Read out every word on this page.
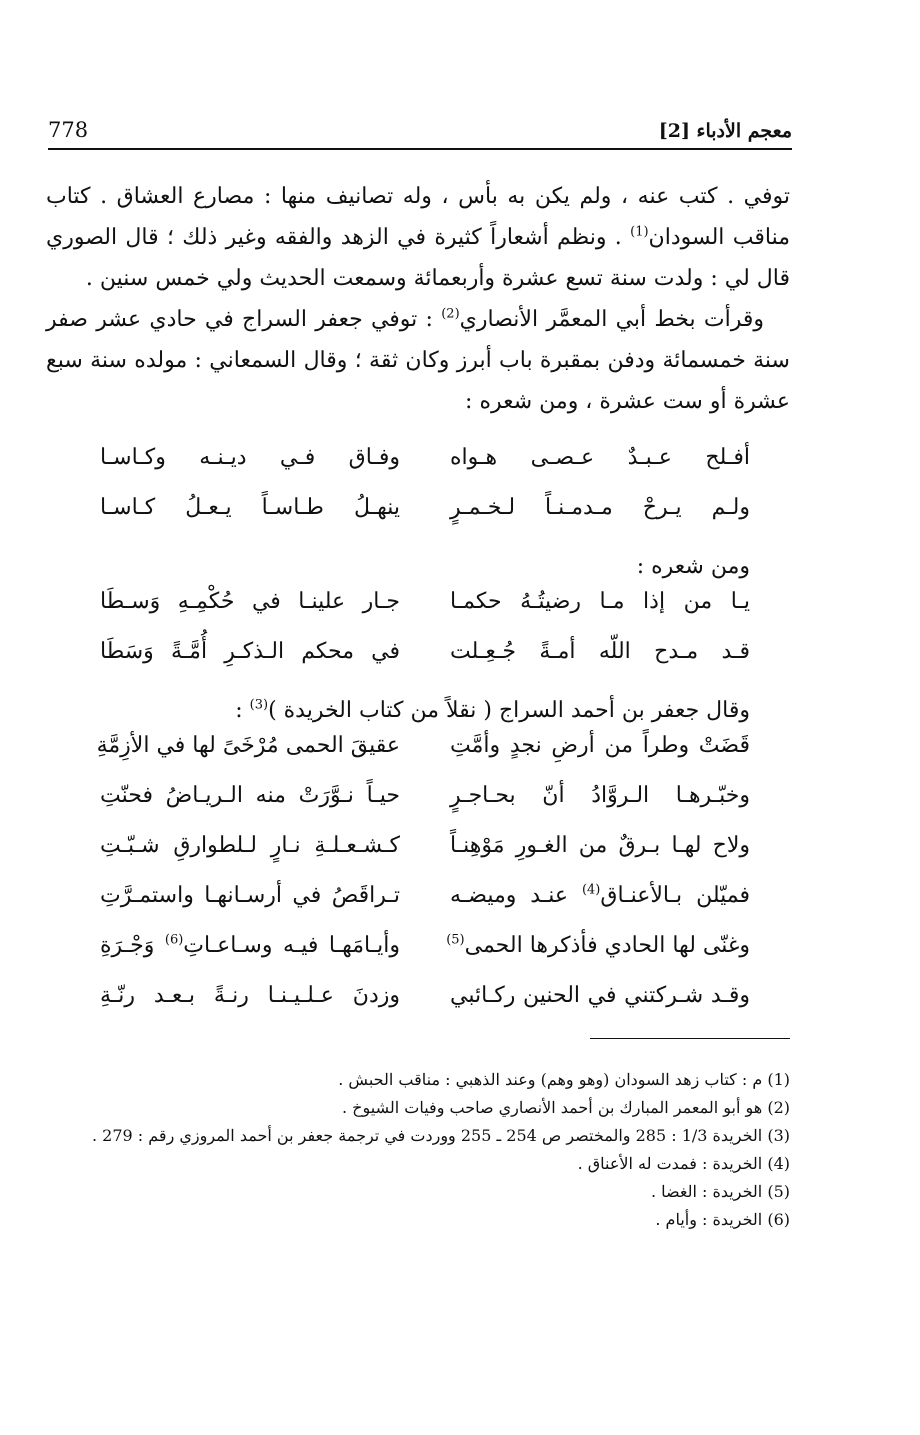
معجم الأدباء [2]
778

توفي . كتب عنه ، ولم يكن به بأس ، وله تصانيف منها : مصارع العشاق . كتاب مناقب السودان$^{(1)}$ . ونظم أشعاراً كثيرة في الزهد والفقه وغير ذلك ؛ قال الصوري قال لي : ولدت سنة تسع عشرة وأربعمائة وسمعت الحديث ولي خمس سنين .

وقرأت بخط أبي المعمَّر الأنصاري$^{(2)}$ : توفي جعفر السراج في حادي عشر صفر سنة خمسمائة ودفن بمقبرة باب أبرز وكان ثقة ؛ وقال السمعاني : مولده سنة سبع عشرة أو ست عشرة ، ومن شعره :

أفـلح عـبـدٌ عـصـى هـواه
وفـاق فـي ديـنـه وكـاسـا
ولـم يـرحْ مـدمـنـاً لـخـمـرٍ
ينهـلُ طـاسـاً يـعـلُ كـاسـا
ومن شعره :
يـا من إذا مـا رضيتُـهُ حكمـا
جـار علينـا في حُكْمِـهِ وَسـطَا
قـد مـدح اللّه أمـةً جُـعِـلت
في محكم الـذكـرِ أُمَّـةً وَسَطَا
وقال جعفر بن أحمد السراج ( نقلاً من كتاب الخريدة )$^{(3)}$ :
قَضَتْ وطراً من أرضِ نجدٍ وأمَّتِ
عقيقَ الحمى مُرْخَىً لها في الأزِمَّةِ
وخبّـرهـا الـروَّادُ أنّ بحـاجـرٍ
حيـاً نـوَّرَتْ منه الـريـاضُ فحنّتِ
ولاح لهـا بـرقٌ من الغـورِ مَوْهِنـاً
كـشـعـلـةِ نـارٍ لـلطوارقِ شـبّـتِ
فميّلن بـالأعنـاق$^{(4)}$ عنـد وميضـه
تـراقَصُ في أرسـانهـا واستمـرَّتِ
وغنّى لها الحادي فأذكرها الحمى$^{(5)}$
وأيـامَهـا فيـه وسـاعـاتِ$^{(6)}$ وَجْـرَةِ
وقـد شـركتني في الحنين ركـائبي
وزدنَ عـلـيـنـا رنـةً بـعـد رنّـةِ

(1) م : كتاب زهد السودان (وهو وهم) وعند الذهبي : مناقب الحبش .

(2) هو أبو المعمر المبارك بن أحمد الأنصاري صاحب وفيات الشيوخ .

(3) الخريدة 1/3 : 285 والمختصر ص 254 ـ 255 ووردت في ترجمة جعفر بن أحمد المروزي رقم : 279 .

(4) الخريدة : فمدت له الأعناق .

(5) الخريدة : الغضا .

(6) الخريدة : وأيام .
